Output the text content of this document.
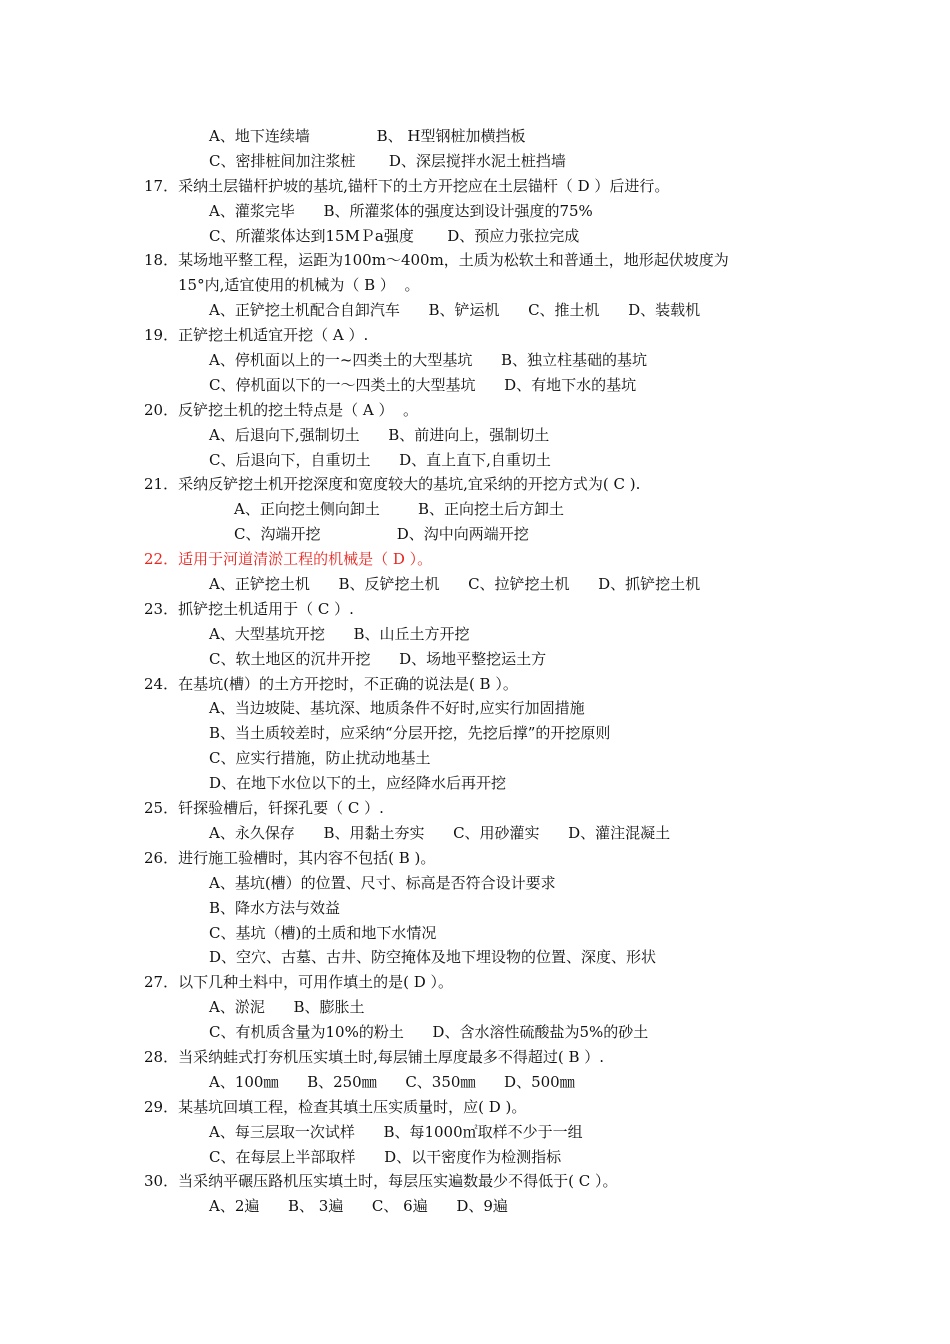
A、地下连续墙              B、 H型钢桩加横挡板
C、密排桩间加注浆桩       D、深层搅拌水泥土桩挡墙
17．采纳土层锚杆护坡的基坑,锚杆下的土方开挖应在土层锚杆（ D ）后进行。
A、灌浆完毕      B、所灌浆体的强度达到设计强度的75%
C、所灌浆体达到15MＰa强度       D、预应力张拉完成
18．某场地平整工程，运距为100m～400m，土质为松软土和普通土，地形起伏坡度为
15°内,适宜使用的机械为（ B ）  。
A、正铲挖土机配合自卸汽车      B、铲运机      C、推土机      D、装载机
19．正铲挖土机适宜开挖（ A ）.
A、停机面以上的一~四类土的大型基坑      B、独立柱基础的基坑
C、停机面以下的一～四类土的大型基坑      D、有地下水的基坑
20．反铲挖土机的挖土特点是（ A ）  。
A、后退向下,强制切土      B、前进向上，强制切土
C、后退向下，自重切土      D、直上直下,自重切土
21．采纳反铲挖土机开挖深度和宽度较大的基坑,宜采纳的开挖方式为( C ).
A、正向挖土侧向卸土        B、正向挖土后方卸土
C、沟端开挖                D、沟中向两端开挖
22．适用于河道清淤工程的机械是（ D ）。
A、正铲挖土机      B、反铲挖土机      C、拉铲挖土机      D、抓铲挖土机
23．抓铲挖土机适用于（ C ）.
A、大型基坑开挖      B、山丘土方开挖
C、软土地区的沉井开挖      D、场地平整挖运土方
24．在基坑(槽）的土方开挖时，不正确的说法是( B ）。
A、当边坡陡、基坑深、地质条件不好时,应实行加固措施
B、当土质较差时，应采纳“分层开挖，先挖后撑”的开挖原则
C、应实行措施，防止扰动地基土
D、在地下水位以下的土，应经降水后再开挖
25．钎探验槽后，钎探孔要（ C ）.
A、永久保存      B、用黏土夯实      C、用砂灌实      D、灌注混凝土
26．进行施工验槽时，其内容不包括( B )。
A、基坑(槽）的位置、尺寸、标高是否符合设计要求
B、降水方法与效益
C、基坑（槽)的土质和地下水情况
D、空穴、古墓、古井、防空掩体及地下埋设物的位置、深度、形状
27．以下几种土料中，可用作填土的是( D ）。
A、淤泥      B、膨胀土
C、有机质含量为10%的粉土      D、含水溶性硫酸盐为5%的砂土
28．当采纳蛙式打夯机压实填土时,每层铺土厚度最多不得超过( B ）.
A、100㎜      B、250㎜      C、350㎜      D、500㎜
29．某基坑回填工程，检查其填土压实质量时，应( D )。
A、每三层取一次试样      B、每1000㎡取样不少于一组
C、在每层上半部取样      D、以干密度作为检测指标
30．当采纳平碾压路机压实填土时，每层压实遍数最少不得低于( C ）。
A、2遍      B、 3遍      C、 6遍      D、9遍
